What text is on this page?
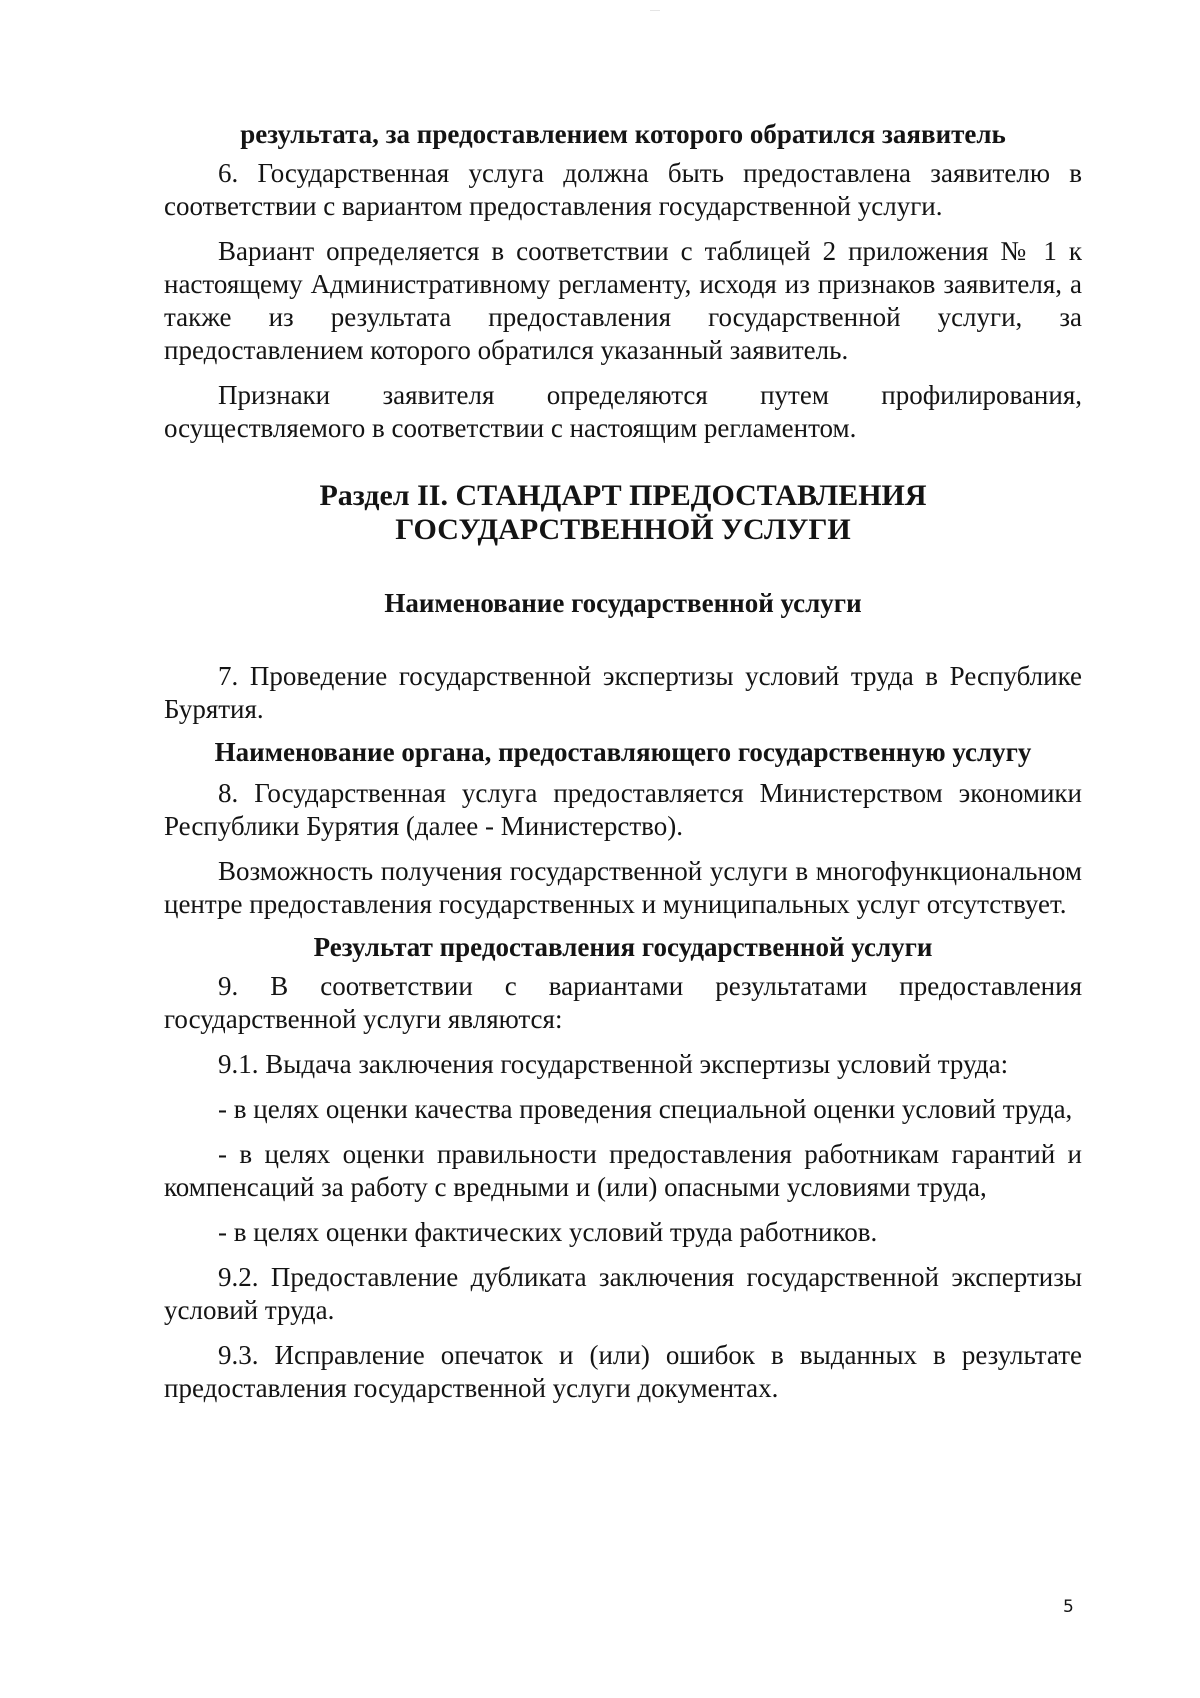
результата, за предоставлением которого обратился заявитель

6. Государственная услуга должна быть предоставлена заявителю в соответствии с вариантом предоставления государственной услуги.

Вариант определяется в соответствии с таблицей 2 приложения № 1 к настоящему Административному регламенту, исходя из признаков заявителя, а также из результата предоставления государственной услуги, за предоставлением которого обратился указанный заявитель.

Признаки заявителя определяются путем профилирования, осуществляемого в соответствии с настоящим регламентом.

Раздел II. СТАНДАРТ ПРЕДОСТАВЛЕНИЯ ГОСУДАРСТВЕННОЙ УСЛУГИ
Наименование государственной услуги

7. Проведение государственной экспертизы условий труда в Республике Бурятия.

Наименование органа, предоставляющего государственную услугу

8. Государственная услуга предоставляется Министерством экономики Республики Бурятия (далее - Министерство).

Возможность получения государственной услуги в многофункциональном центре предоставления государственных и муниципальных услуг отсутствует.

Результат предоставления государственной услуги

9. В соответствии с вариантами результатами предоставления государственной услуги являются:

9.1. Выдача заключения государственной экспертизы условий труда:

- в целях оценки качества проведения специальной оценки условий труда,

- в целях оценки правильности предоставления работникам гарантий и компенсаций за работу с вредными и (или) опасными условиями труда,

- в целях оценки фактических условий труда работников.

9.2. Предоставление дубликата заключения государственной экспертизы условий труда.

9.3. Исправление опечаток и (или) ошибок в выданных в результате предоставления государственной услуги документах.

5
